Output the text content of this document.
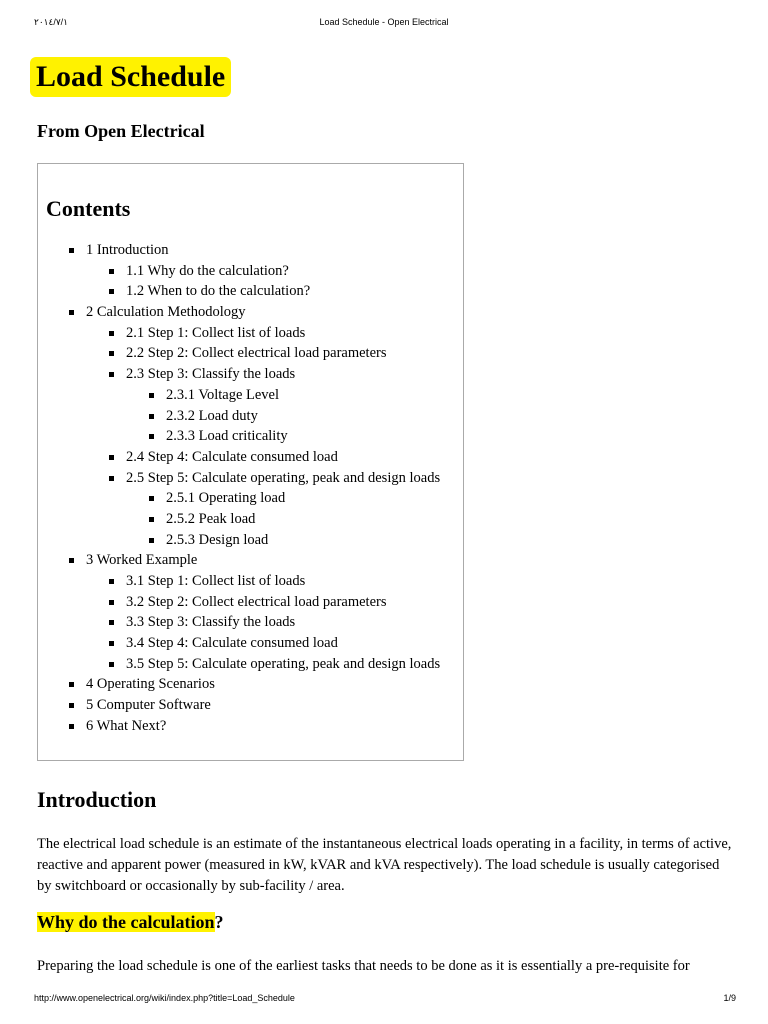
٢٠١٤/٧/١	Load Schedule - Open Electrical
Load Schedule
From Open Electrical
Contents
1 Introduction
1.1 Why do the calculation?
1.2 When to do the calculation?
2 Calculation Methodology
2.1 Step 1: Collect list of loads
2.2 Step 2: Collect electrical load parameters
2.3 Step 3: Classify the loads
2.3.1 Voltage Level
2.3.2 Load duty
2.3.3 Load criticality
2.4 Step 4: Calculate consumed load
2.5 Step 5: Calculate operating, peak and design loads
2.5.1 Operating load
2.5.2 Peak load
2.5.3 Design load
3 Worked Example
3.1 Step 1: Collect list of loads
3.2 Step 2: Collect electrical load parameters
3.3 Step 3: Classify the loads
3.4 Step 4: Calculate consumed load
3.5 Step 5: Calculate operating, peak and design loads
4 Operating Scenarios
5 Computer Software
6 What Next?
Introduction

The electrical load schedule is an estimate of the instantaneous electrical loads operating in a facility, in terms of active, reactive and apparent power (measured in kW, kVAR and kVA respectively). The load schedule is usually categorised by switchboard or occasionally by sub-facility / area.

Why do the calculation?

Preparing the load schedule is one of the earliest tasks that needs to be done as it is essentially a pre-requisite for

http://www.openelectrical.org/wiki/index.php?title=Load_Schedule	1/9
